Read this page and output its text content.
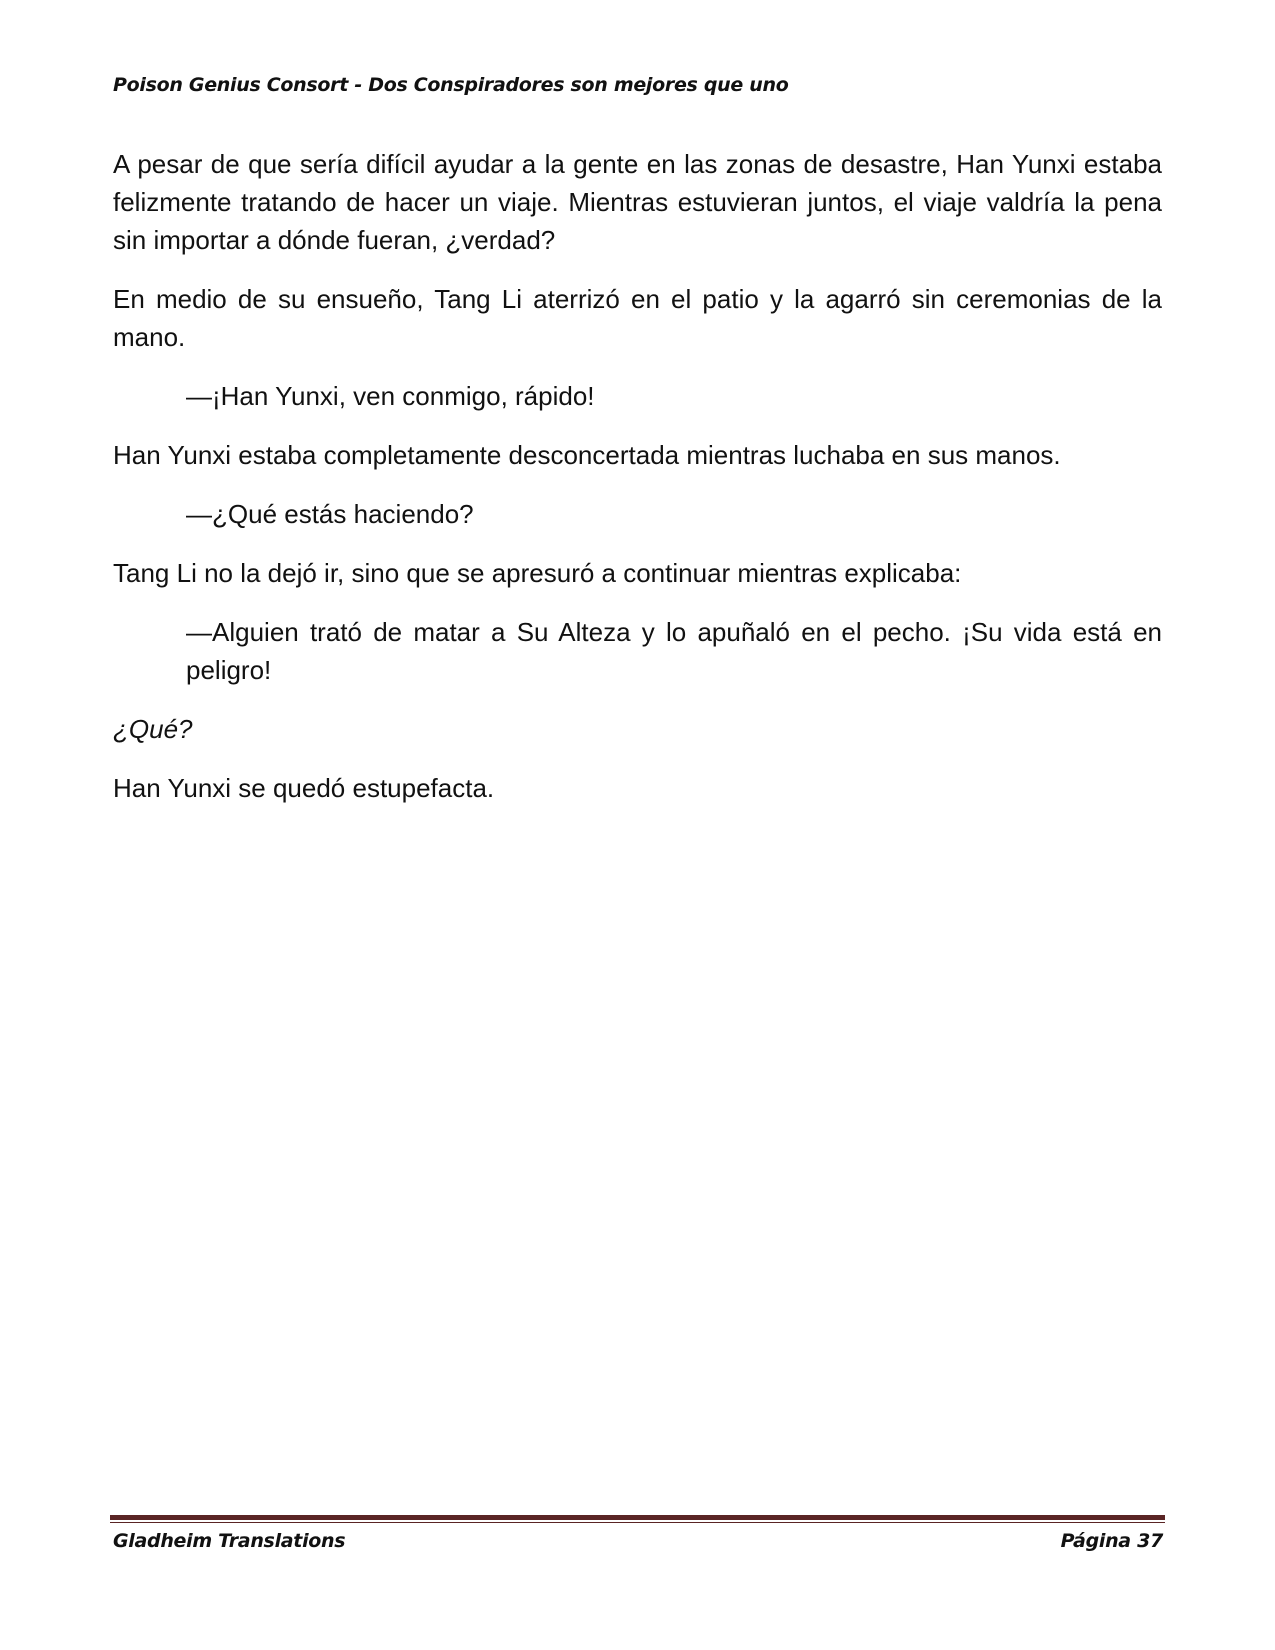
Poison Genius Consort - Dos Conspiradores son mejores que uno

A pesar de que sería difícil ayudar a la gente en las zonas de desastre, Han Yunxi estaba felizmente tratando de hacer un viaje. Mientras estuvieran juntos, el viaje valdría la pena sin importar a dónde fueran, ¿verdad?

En medio de su ensueño, Tang Li aterrizó en el patio y la agarró sin ceremonias de la mano.

—¡Han Yunxi, ven conmigo, rápido!

Han Yunxi estaba completamente desconcertada mientras luchaba en sus manos.

—¿Qué estás haciendo?

Tang Li no la dejó ir, sino que se apresuró a continuar mientras explicaba:

—Alguien trató de matar a Su Alteza y lo apuñaló en el pecho. ¡Su vida está en peligro!

¿Qué?

Han Yunxi se quedó estupefacta.

Gladheim Translations	Página 37
